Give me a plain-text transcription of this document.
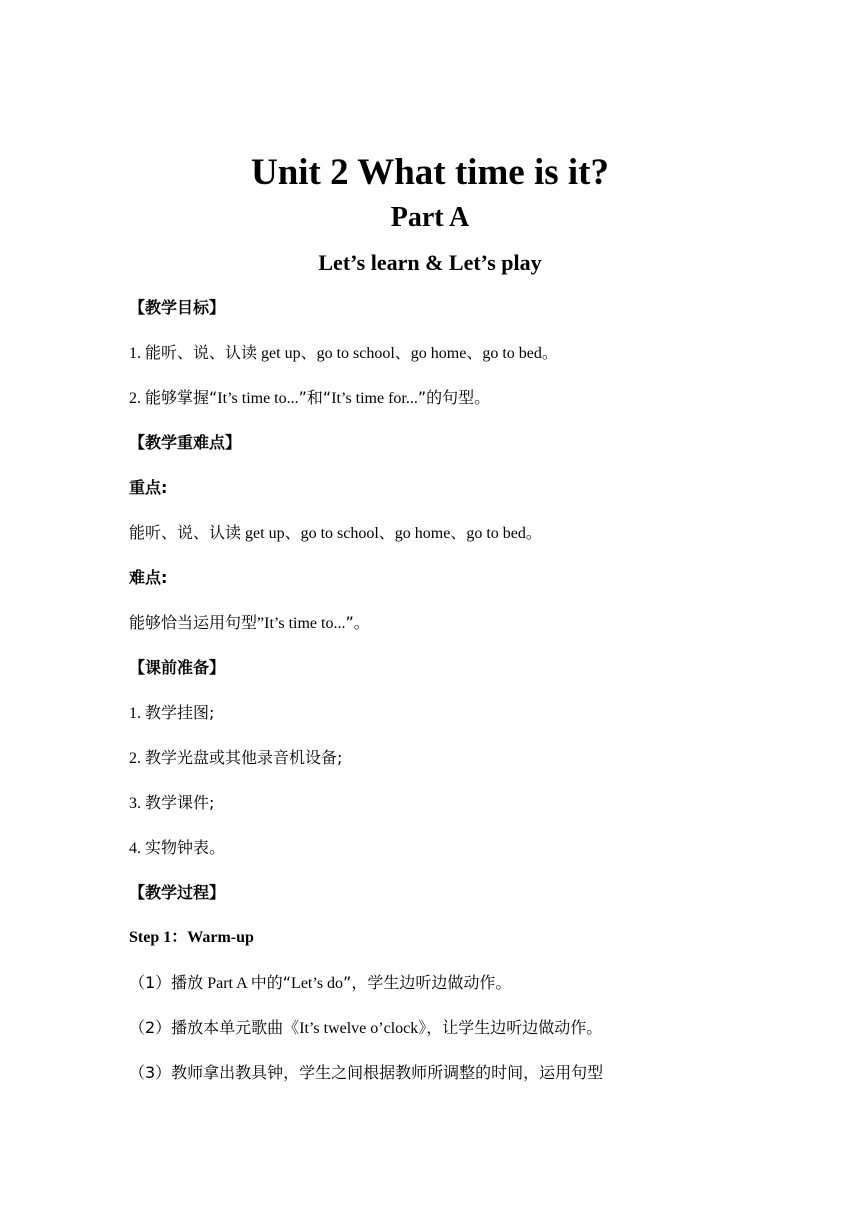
Unit 2 What time is it?
Part A
Let’s learn & Let’s play
【教学目标】
1. 能听、说、认读 get up、go to school、go home、go to bed。
2. 能够掌握“It’s time to...”和“It’s time for...”的句型。
【教学重难点】
重点:
能听、说、认读 get up、go to school、go home、go to bed。
难点:
能够恰当运用句型”It’s time to...”。
【课前准备】
1. 教学挂图;
2. 教学光盘或其他录音机设备;
3. 教学课件;
4. 实物钟表。
【教学过程】
Step 1：Warm-up
（1）播放 Part A 中的“Let’s do”，学生边听边做动作。
（2）播放本单元歌曲《It’s twelve o’clock》，让学生边听边做动作。
（3）教师拿出教具钟，学生之间根据教师所调整的时间，运用句型
